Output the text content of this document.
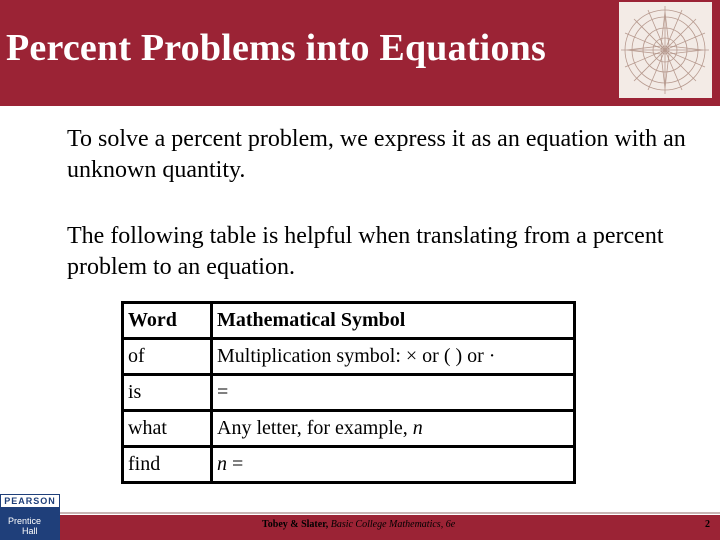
Percent Problems into Equations
To solve a percent problem, we express it as an equation with an unknown quantity.
The following table is helpful when translating from a percent problem to an equation.
Word	Mathematical Symbol
of	Multiplication symbol: × or ( ) or ·
is	=
what	Any letter, for example, n
find	n =
Tobey & Slater, Basic College Mathematics, 6e	2
PEARSON
Prentice
Hall
